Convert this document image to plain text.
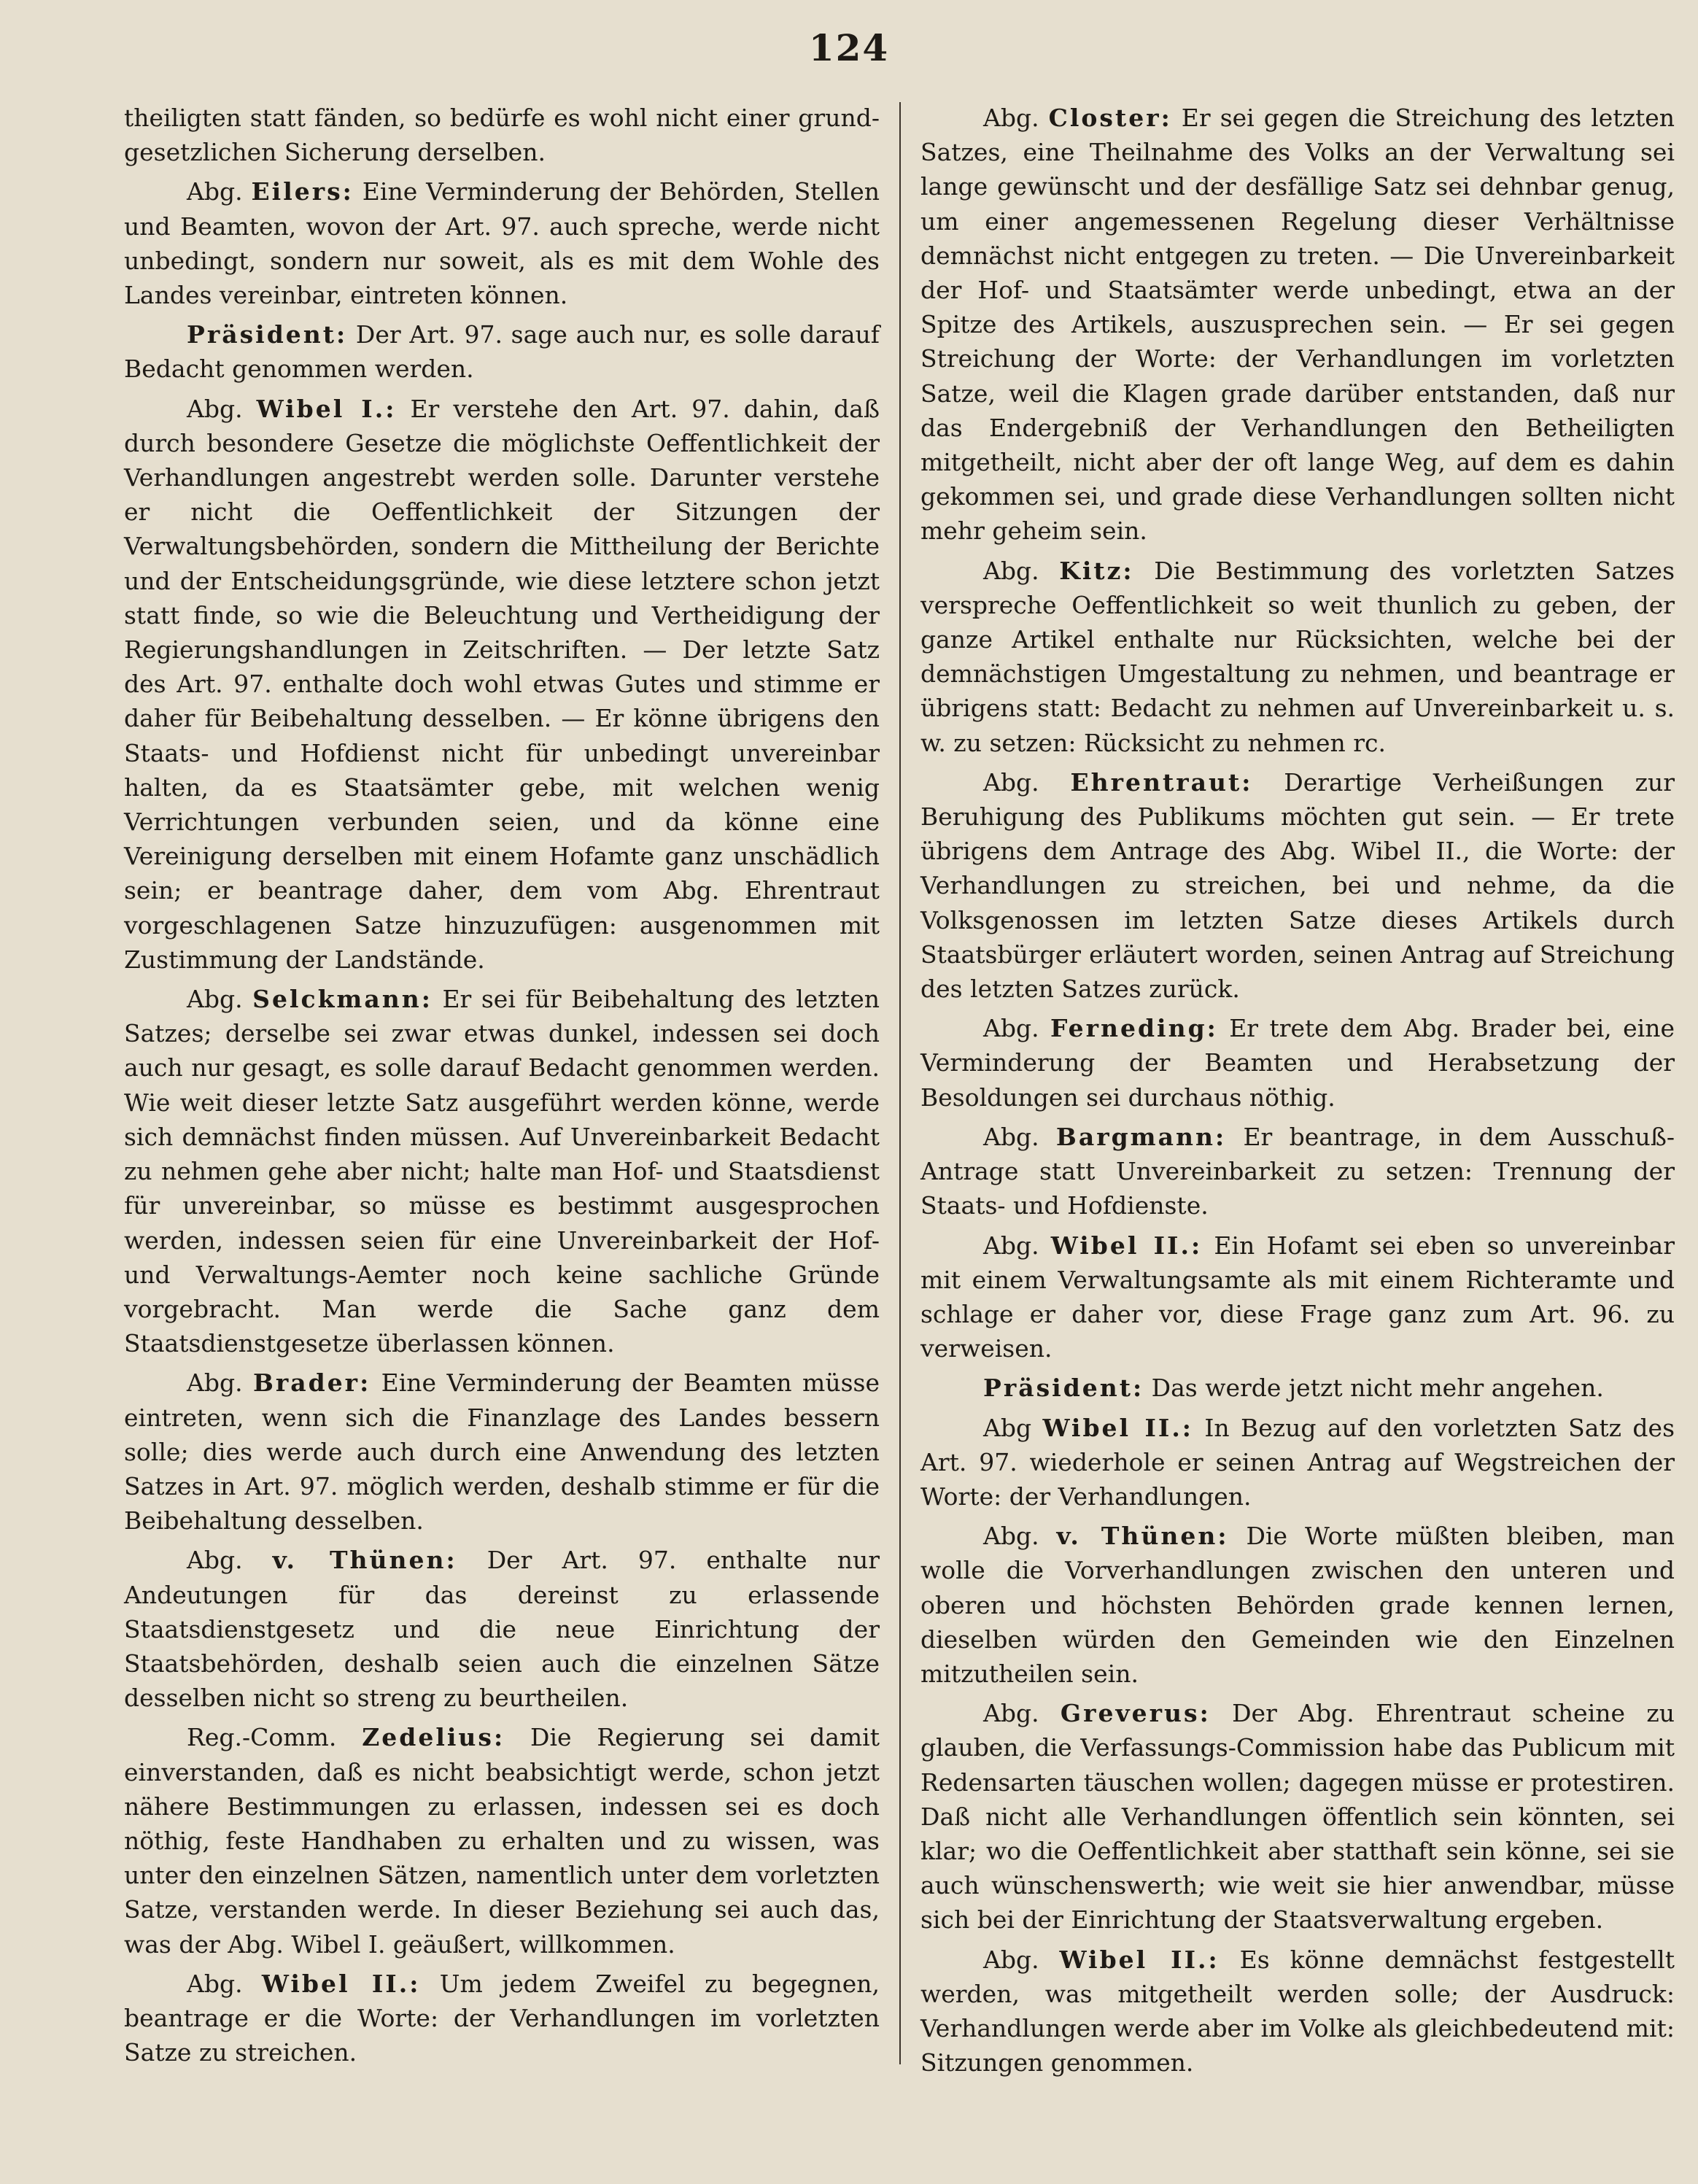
124

theiligten statt fänden, so bedürfe es wohl nicht einer grund-gesetzlichen Sicherung derselben.

Abg. Eilers: Eine Verminderung der Behörden, Stellen und Beamten, wovon der Art. 97. auch spreche, werde nicht unbedingt, sondern nur soweit, als es mit dem Wohle des Landes vereinbar, eintreten können.

Präsident: Der Art. 97. sage auch nur, es solle darauf Bedacht genommen werden.

Abg. Wibel I.: Er verstehe den Art. 97. dahin, daß durch besondere Gesetze die möglichste Oeffentlichkeit der Verhandlungen angestrebt werden solle. Darunter verstehe er nicht die Oeffentlichkeit der Sitzungen der Verwaltungsbehörden, sondern die Mittheilung der Berichte und der Entscheidungsgründe, wie diese letztere schon jetzt statt finde, so wie die Beleuchtung und Vertheidigung der Regierungshandlungen in Zeitschriften. — Der letzte Satz des Art. 97. enthalte doch wohl etwas Gutes und stimme er daher für Beibehaltung desselben. — Er könne übrigens den Staats- und Hofdienst nicht für unbedingt unvereinbar halten, da es Staatsämter gebe, mit welchen wenig Verrichtungen verbunden seien, und da könne eine Vereinigung derselben mit einem Hofamte ganz unschädlich sein; er beantrage daher, dem vom Abg. Ehrentraut vorgeschlagenen Satze hinzuzufügen: ausgenommen mit Zustimmung der Landstände.

Abg. Selckmann: Er sei für Beibehaltung des letzten Satzes; derselbe sei zwar etwas dunkel, indessen sei doch auch nur gesagt, es solle darauf Bedacht genommen werden. Wie weit dieser letzte Satz ausgeführt werden könne, werde sich demnächst finden müssen. Auf Unvereinbarkeit Bedacht zu nehmen gehe aber nicht; halte man Hof- und Staatsdienst für unvereinbar, so müsse es bestimmt ausgesprochen werden, indessen seien für eine Unvereinbarkeit der Hof- und Verwaltungs-Aemter noch keine sachliche Gründe vorgebracht. Man werde die Sache ganz dem Staatsdienstgesetze überlassen können.

Abg. Brader: Eine Verminderung der Beamten müsse eintreten, wenn sich die Finanzlage des Landes bessern solle; dies werde auch durch eine Anwendung des letzten Satzes in Art. 97. möglich werden, deshalb stimme er für die Beibehaltung desselben.

Abg. v. Thünen: Der Art. 97. enthalte nur Andeutungen für das dereinst zu erlassende Staatsdienstgesetz und die neue Einrichtung der Staatsbehörden, deshalb seien auch die einzelnen Sätze desselben nicht so streng zu beurtheilen.

Reg.-Comm. Zedelius: Die Regierung sei damit einverstanden, daß es nicht beabsichtigt werde, schon jetzt nähere Bestimmungen zu erlassen, indessen sei es doch nöthig, feste Handhaben zu erhalten und zu wissen, was unter den einzelnen Sätzen, namentlich unter dem vorletzten Satze, verstanden werde. In dieser Beziehung sei auch das, was der Abg. Wibel I. geäußert, willkommen.

Abg. Wibel II.: Um jedem Zweifel zu begegnen, beantrage er die Worte: der Verhandlungen im vorletzten Satze zu streichen.

Abg. Closter: Er sei gegen die Streichung des letzten Satzes, eine Theilnahme des Volks an der Verwaltung sei lange gewünscht und der desfällige Satz sei dehnbar genug, um einer angemessenen Regelung dieser Verhältnisse demnächst nicht entgegen zu treten. — Die Unvereinbarkeit der Hof- und Staatsämter werde unbedingt, etwa an der Spitze des Artikels, auszusprechen sein. — Er sei gegen Streichung der Worte: der Verhandlungen im vorletzten Satze, weil die Klagen grade darüber entstanden, daß nur das Endergebniß der Verhandlungen den Betheiligten mitgetheilt, nicht aber der oft lange Weg, auf dem es dahin gekommen sei, und grade diese Verhandlungen sollten nicht mehr geheim sein.

Abg. Kitz: Die Bestimmung des vorletzten Satzes verspreche Oeffentlichkeit so weit thunlich zu geben, der ganze Artikel enthalte nur Rücksichten, welche bei der demnächstigen Umgestaltung zu nehmen, und beantrage er übrigens statt: Bedacht zu nehmen auf Unvereinbarkeit u. s. w. zu setzen: Rücksicht zu nehmen rc.

Abg. Ehrentraut: Derartige Verheißungen zur Beruhigung des Publikums möchten gut sein. — Er trete übrigens dem Antrage des Abg. Wibel II., die Worte: der Verhandlungen zu streichen, bei und nehme, da die Volksgenossen im letzten Satze dieses Artikels durch Staatsbürger erläutert worden, seinen Antrag auf Streichung des letzten Satzes zurück.

Abg. Ferneding: Er trete dem Abg. Brader bei, eine Verminderung der Beamten und Herabsetzung der Besoldungen sei durchaus nöthig.

Abg. Bargmann: Er beantrage, in dem Ausschuß-Antrage statt Unvereinbarkeit zu setzen: Trennung der Staats- und Hofdienste.

Abg. Wibel II.: Ein Hofamt sei eben so unvereinbar mit einem Verwaltungsamte als mit einem Richteramte und schlage er daher vor, diese Frage ganz zum Art. 96. zu verweisen.

Präsident: Das werde jetzt nicht mehr angehen.

Abg Wibel II.: In Bezug auf den vorletzten Satz des Art. 97. wiederhole er seinen Antrag auf Wegstreichen der Worte: der Verhandlungen.

Abg. v. Thünen: Die Worte müßten bleiben, man wolle die Vorverhandlungen zwischen den unteren und oberen und höchsten Behörden grade kennen lernen, dieselben würden den Gemeinden wie den Einzelnen mitzutheilen sein.

Abg. Greverus: Der Abg. Ehrentraut scheine zu glauben, die Verfassungs-Commission habe das Publicum mit Redensarten täuschen wollen; dagegen müsse er protestiren. Daß nicht alle Verhandlungen öffentlich sein könnten, sei klar; wo die Oeffentlichkeit aber statthaft sein könne, sei sie auch wünschenswerth; wie weit sie hier anwendbar, müsse sich bei der Einrichtung der Staatsverwaltung ergeben.

Abg. Wibel II.: Es könne demnächst festgestellt werden, was mitgetheilt werden solle; der Ausdruck: Verhandlungen werde aber im Volke als gleichbedeutend mit: Sitzungen genommen.
